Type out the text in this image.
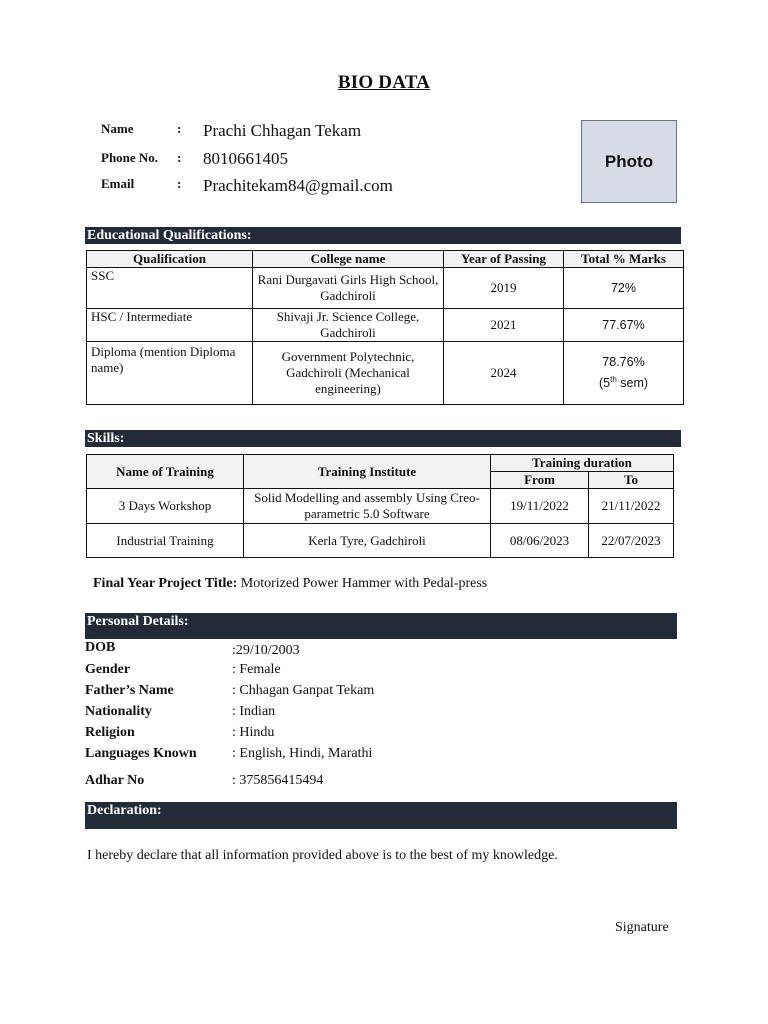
BIO DATA
Name	: Prachi Chhagan Tekam
Phone No. : 8010661405
Email	: Prachitekam84@gmail.com
Photo
Educational Qualifications:
Qualification	College name	Year of Passing	Total % Marks
SSC	Rani Durgavati Girls High School, Gadchiroli	2019	72%
HSC / Intermediate	Shivaji Jr. Science College, Gadchiroli	2021	77.67%
Diploma (mention Diploma name)	Government Polytechnic, Gadchiroli (Mechanical engineering)	2024	78.76%
(5th sem)
Skills:
Name of Training	Training Institute	Training duration	
		From	To
3 Days Workshop	Solid Modelling and assembly Using Creo-parametric 5.0 Software	19/11/2022	21/11/2022
Industrial Training	Kerla Tyre, Gadchiroli	08/06/2023	22/07/2023
Final Year Project Title: Motorized Power Hammer with Pedal-press
Personal Details:
DOB	:29/10/2003
Gender	: Female
Father’s Name	: Chhagan Ganpat Tekam
Nationality	: Indian
Religion	: Hindu
Languages Known	: English, Hindi, Marathi
Adhar No	: 375856415494
Declaration:
I hereby declare that all information provided above is to the best of my knowledge.
Signature
